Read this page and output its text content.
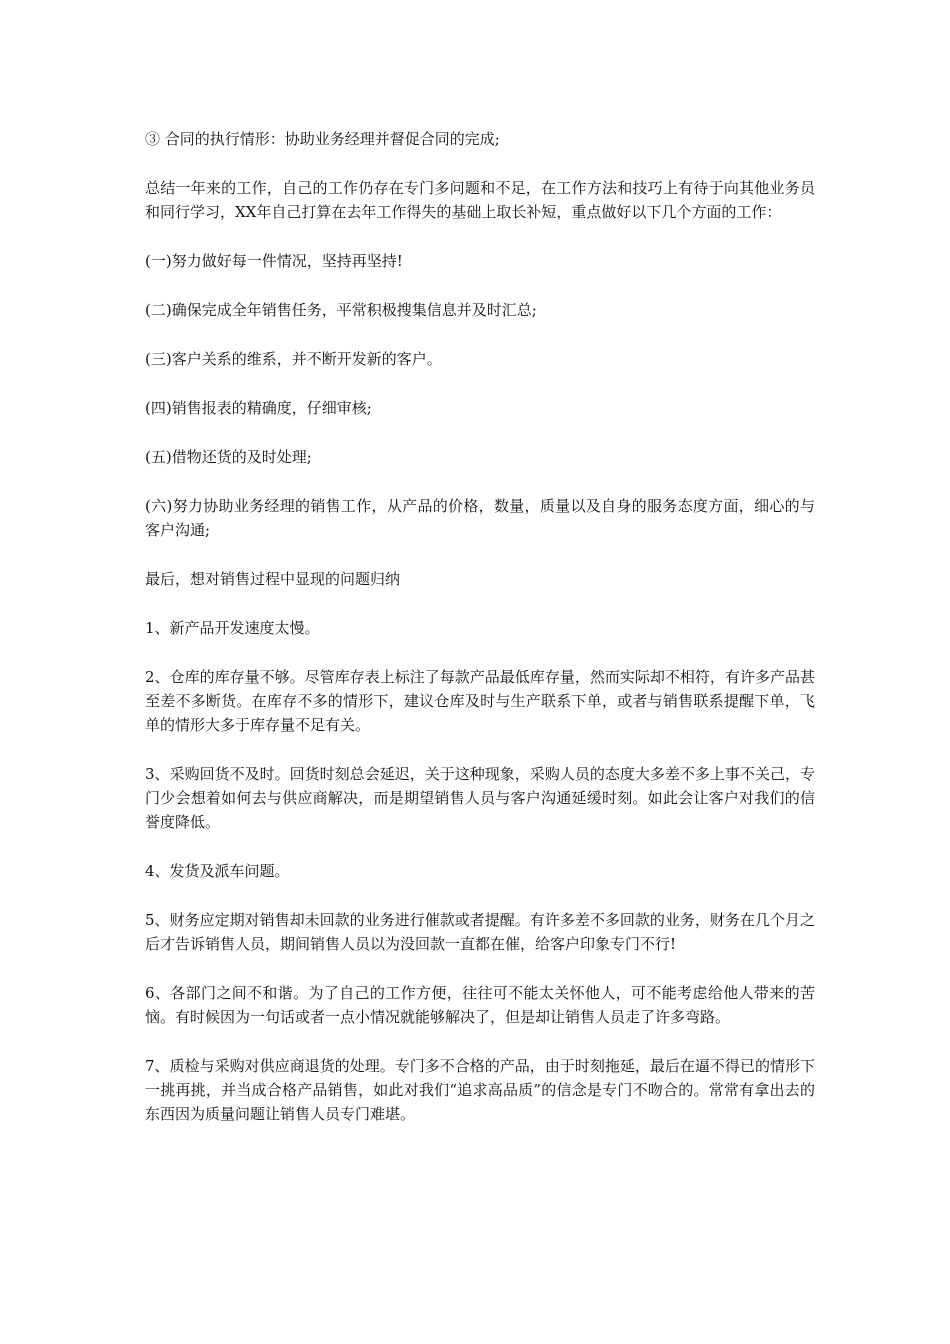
③ 合同的执行情形：协助业务经理并督促合同的完成;

总结一年来的工作，自己的工作仍存在专门多问题和不足，在工作方法和技巧上有待于向其他业务员和同行学习，XX年自己打算在去年工作得失的基础上取长补短，重点做好以下几个方面的工作：

(一)努力做好每一件情况，坚持再坚持!

(二)确保完成全年销售任务，平常积极搜集信息并及时汇总;

(三)客户关系的维系，并不断开发新的客户。

(四)销售报表的精确度，仔细审核;

(五)借物还货的及时处理;

(六)努力协助业务经理的销售工作，从产品的价格，数量，质量以及自身的服务态度方面，细心的与客户沟通;

最后，想对销售过程中显现的问题归纳

1、新产品开发速度太慢。

2、仓库的库存量不够。尽管库存表上标注了每款产品最低库存量，然而实际却不相符，有许多产品甚至差不多断货。在库存不多的情形下，建议仓库及时与生产联系下单，或者与销售联系提醒下单，飞单的情形大多于库存量不足有关。

3、采购回货不及时。回货时刻总会延迟，关于这种现象，采购人员的态度大多差不多上事不关己，专门少会想着如何去与供应商解决，而是期望销售人员与客户沟通延缓时刻。如此会让客户对我们的信誉度降低。

4、发货及派车问题。

5、财务应定期对销售却未回款的业务进行催款或者提醒。有许多差不多回款的业务，财务在几个月之后才告诉销售人员，期间销售人员以为没回款一直都在催，给客户印象专门不行!

6、各部门之间不和谐。为了自己的工作方便，往往可不能太关怀他人，可不能考虑给他人带来的苦恼。有时候因为一句话或者一点小情况就能够解决了，但是却让销售人员走了许多弯路。

7、质检与采购对供应商退货的处理。专门多不合格的产品，由于时刻拖延，最后在逼不得已的情形下一挑再挑，并当成合格产品销售，如此对我们“追求高品质”的信念是专门不吻合的。常常有拿出去的东西因为质量问题让销售人员专门难堪。
